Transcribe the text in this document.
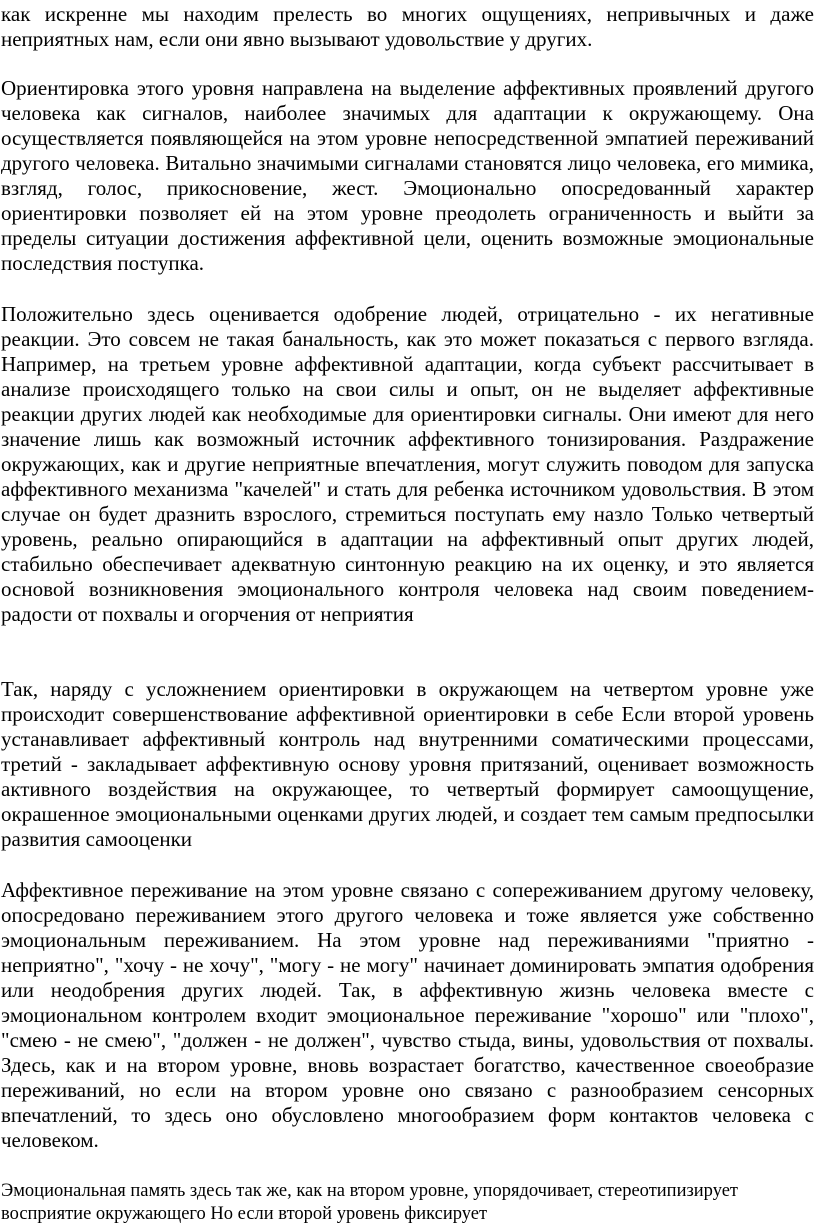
как искренне мы находим прелесть во многих ощущениях, непривычных и даже неприятных нам, если они явно вызывают удовольствие у других.

Ориентировка этого уровня направлена на выделение аффективных проявлений другого человека как сигналов, наиболее значимых для адаптации к окружающему. Она осуществляется появляющейся на этом уровне непосредственной эмпатией переживаний другого человека. Витально значимыми сигналами становятся лицо человека, его мимика, взгляд, голос, прикосновение, жест. Эмоционально опосредованный характер ориентировки позволяет ей на этом уровне преодолеть ограниченность и выйти за пределы ситуации достижения аффективной цели, оценить возможные эмоциональные последствия поступка.

Положительно здесь оценивается одобрение людей, отрицательно - их негативные реакции. Это совсем не такая банальность, как это может показаться с первого взгляда. Например, на третьем уровне аффективной адаптации, когда субъект рассчитывает в анализе происходящего только на свои силы и опыт, он не выделяет аффективные реакции других людей как необходимые для ориентировки сигналы. Они имеют для него значение лишь как возможный источник аффективного тонизирования. Раздражение окружающих, как и другие неприятные впечатления, могут служить поводом для запуска аффективного механизма "качелей" и стать для ребенка источником удовольствия. В этом случае он будет дразнить взрослого, стремиться поступать ему назло Только четвертый уровень, реально опирающийся в адаптации на аффективный опыт других людей, стабильно обеспечивает адекватную синтонную реакцию на их оценку, и это является основой возникновения эмоционального контроля человека над своим поведением-радости от похвалы и огорчения от неприятия

Так, наряду с усложнением ориентировки в окружающем на четвертом уровне уже происходит совершенствование аффективной ориентировки в себе Если второй уровень устанавливает аффективный контроль над внутренними соматическими процессами, третий - закладывает аффективную основу уровня притязаний, оценивает возможность активного воздействия на окружающее, то четвертый формирует самоощущение, окрашенное эмоциональными оценками других людей, и создает тем самым предпосылки развития самооценки

Аффективное переживание на этом уровне связано с сопереживанием другому человеку, опосредовано переживанием этого другого человека и тоже является уже собственно эмоциональным переживанием. На этом уровне над переживаниями "приятно - неприятно", "хочу - не хочу", "могу - не могу" начинает доминировать эмпатия одобрения или неодобрения других людей. Так, в аффективную жизнь человека вместе с эмоциональном контролем входит эмоциональное переживание "хорошо" или "плохо", "смею - не смею", "должен - не должен", чувство стыда, вины, удовольствия от похвалы. Здесь, как и на втором уровне, вновь возрастает богатство, качественное своеобразие переживаний, но если на втором уровне оно связано с разнообразием сенсорных впечатлений, то здесь оно обусловлено многообразием форм контактов человека с человеком.

Эмоциональная память здесь так же, как на втором уровне, упорядочивает, стереотипизирует восприятие окружающего Но если второй уровень фиксирует
